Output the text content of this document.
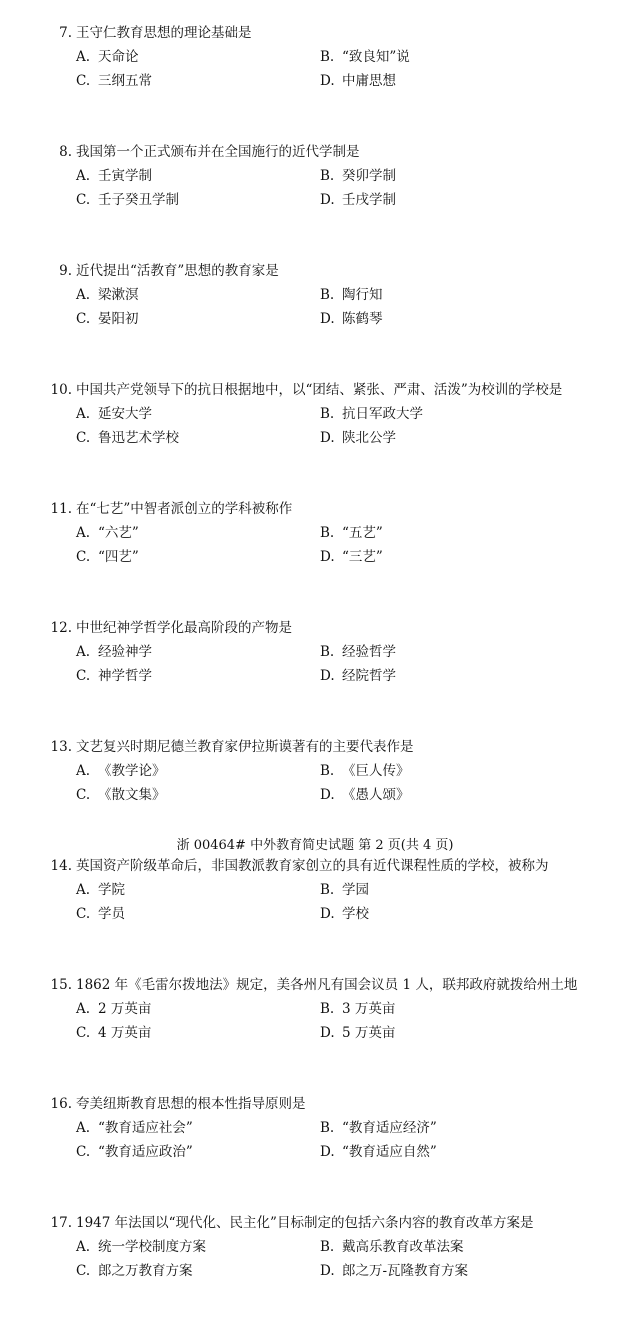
7. 王守仁教育思想的理论基础是
A. 天命论	B. “致良知”说
C. 三纲五常	D. 中庸思想
8. 我国第一个正式颁布并在全国施行的近代学制是
A. 壬寅学制	B. 癸卯学制
C. 壬子癸丑学制	D. 壬戌学制
9. 近代提出“活教育”思想的教育家是
A. 梁漱溟	B. 陶行知
C. 晏阳初	D. 陈鹤琴
10. 中国共产党领导下的抗日根据地中，以“团结、紧张、严肃、活泼”为校训的学校是
A. 延安大学	B. 抗日军政大学
C. 鲁迅艺术学校	D. 陕北公学
11. 在“七艺”中智者派创立的学科被称作
A. “六艺”	B. “五艺”
C. “四艺”	D. “三艺”
12. 中世纪神学哲学化最高阶段的产物是
A. 经验神学	B. 经验哲学
C. 神学哲学	D. 经院哲学
13. 文艺复兴时期尼德兰教育家伊拉斯谟著有的主要代表作是
A. 《教学论》	B. 《巨人传》
C. 《散文集》	D. 《愚人颂》
14. 英国资产阶级革命后，非国教派教育家创立的具有近代课程性质的学校，被称为
A. 学院	B. 学园
C. 学员	D. 学校
15. 1862 年《毛雷尔拨地法》规定，美各州凡有国会议员 1 人，联邦政府就拨给州土地
A. 2 万英亩	B. 3 万英亩
C. 4 万英亩	D. 5 万英亩
16. 夸美纽斯教育思想的根本性指导原则是
A. “教育适应社会”	B. “教育适应经济”
C. “教育适应政治”	D. “教育适应自然”
17. 1947 年法国以“现代化、民主化”目标制定的包括六条内容的教育改革方案是
A. 统一学校制度方案	B. 戴高乐教育改革法案
C. 郎之万教育方案	D. 郎之万-瓦隆教育方案
浙 00464# 中外教育简史试题 第 2 页(共 4 页)
